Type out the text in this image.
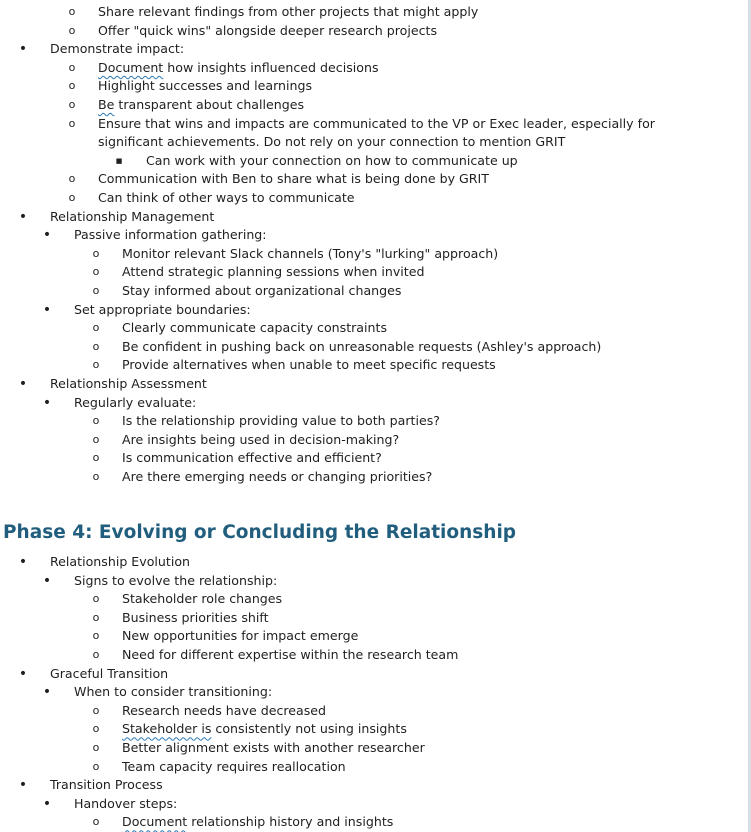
Phase 4: Evolving or Concluding the Relationship
o Share relevant findings from other projects that might apply
o Offer "quick wins" alongside deeper research projects
• Demonstrate impact:
o Document how insights influenced decisions
o Highlight successes and learnings
o Be transparent about challenges
o Ensure that wins and impacts are communicated to the VP or Exec leader, especially for
significant achievements. Do not rely on your connection to mention GRIT
■ Can work with your connection on how to communicate up
o Communication with Ben to share what is being done by GRIT
o Can think of other ways to communicate
• Relationship Management
• Passive information gathering:
o Monitor relevant Slack channels (Tony's "lurking" approach)
o Attend strategic planning sessions when invited
o Stay informed about organizational changes
• Set appropriate boundaries:
o Clearly communicate capacity constraints
o Be confident in pushing back on unreasonable requests (Ashley's approach)
o Provide alternatives when unable to meet specific requests
• Relationship Assessment
• Regularly evaluate:
o Is the relationship providing value to both parties?
o Are insights being used in decision-making?
o Is communication effective and efficient?
o Are there emerging needs or changing priorities?
• Relationship Evolution
• Signs to evolve the relationship:
o Stakeholder role changes
o Business priorities shift
o New opportunities for impact emerge
o Need for different expertise within the research team
• Graceful Transition
• When to consider transitioning:
o Research needs have decreased
o Stakeholder is consistently not using insights
o Better alignment exists with another researcher
o Team capacity requires reallocation
• Transition Process
• Handover steps:
o Document relationship history and insights
